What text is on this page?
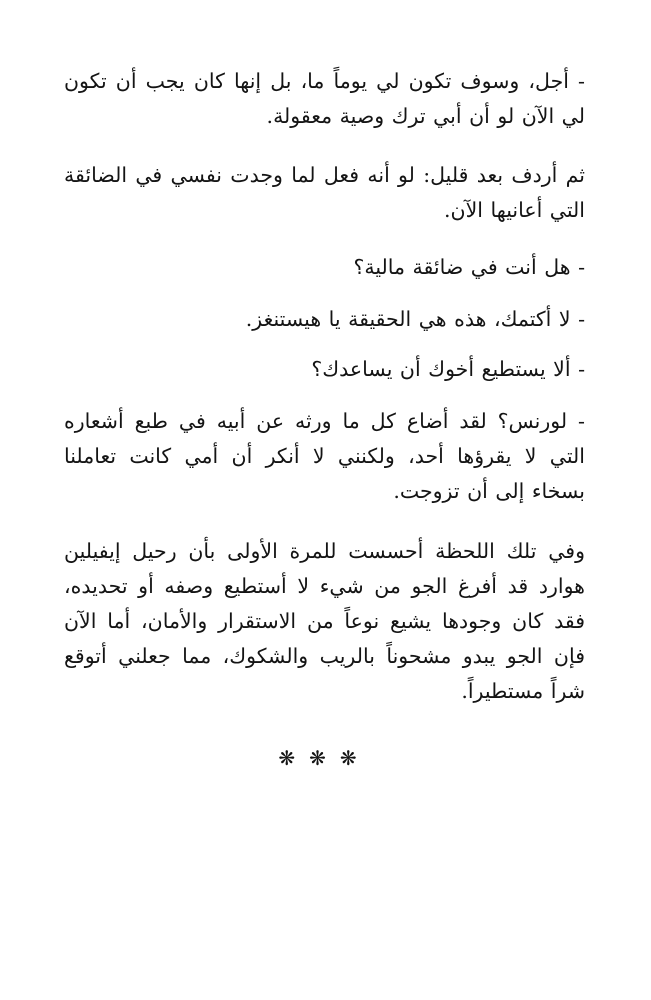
- أجل، وسوف تكون لي يوماً ما، بل إنها كان يجب أن تكون لي الآن لو أن أبي ترك وصية معقولة.

ثم أردف بعد قليل: لو أنه فعل لما وجدت نفسي في الضائقة التي أعانيها الآن.

- هل أنت في ضائقة مالية؟

- لا أكتمك، هذه هي الحقيقة يا هيستنغز.

- ألا يستطيع أخوك أن يساعدك؟

- لورنس؟ لقد أضاع كل ما ورثه عن أبيه في طبع أشعاره التي لا يقرؤها أحد، ولكنني لا أنكر أن أمي كانت تعاملنا بسخاء إلى أن تزوجت.

وفي تلك اللحظة أحسست للمرة الأولى بأن رحيل إيفيلين هوارد قد أفرغ الجو من شيء لا أستطيع وصفه أو تحديده، فقد كان وجودها يشيع نوعاً من الاستقرار والأمان، أما الآن فإن الجو يبدو مشحوناً بالريب والشكوك، مما جعلني أتوقع شراً مستطيراً.

❋❋❋
